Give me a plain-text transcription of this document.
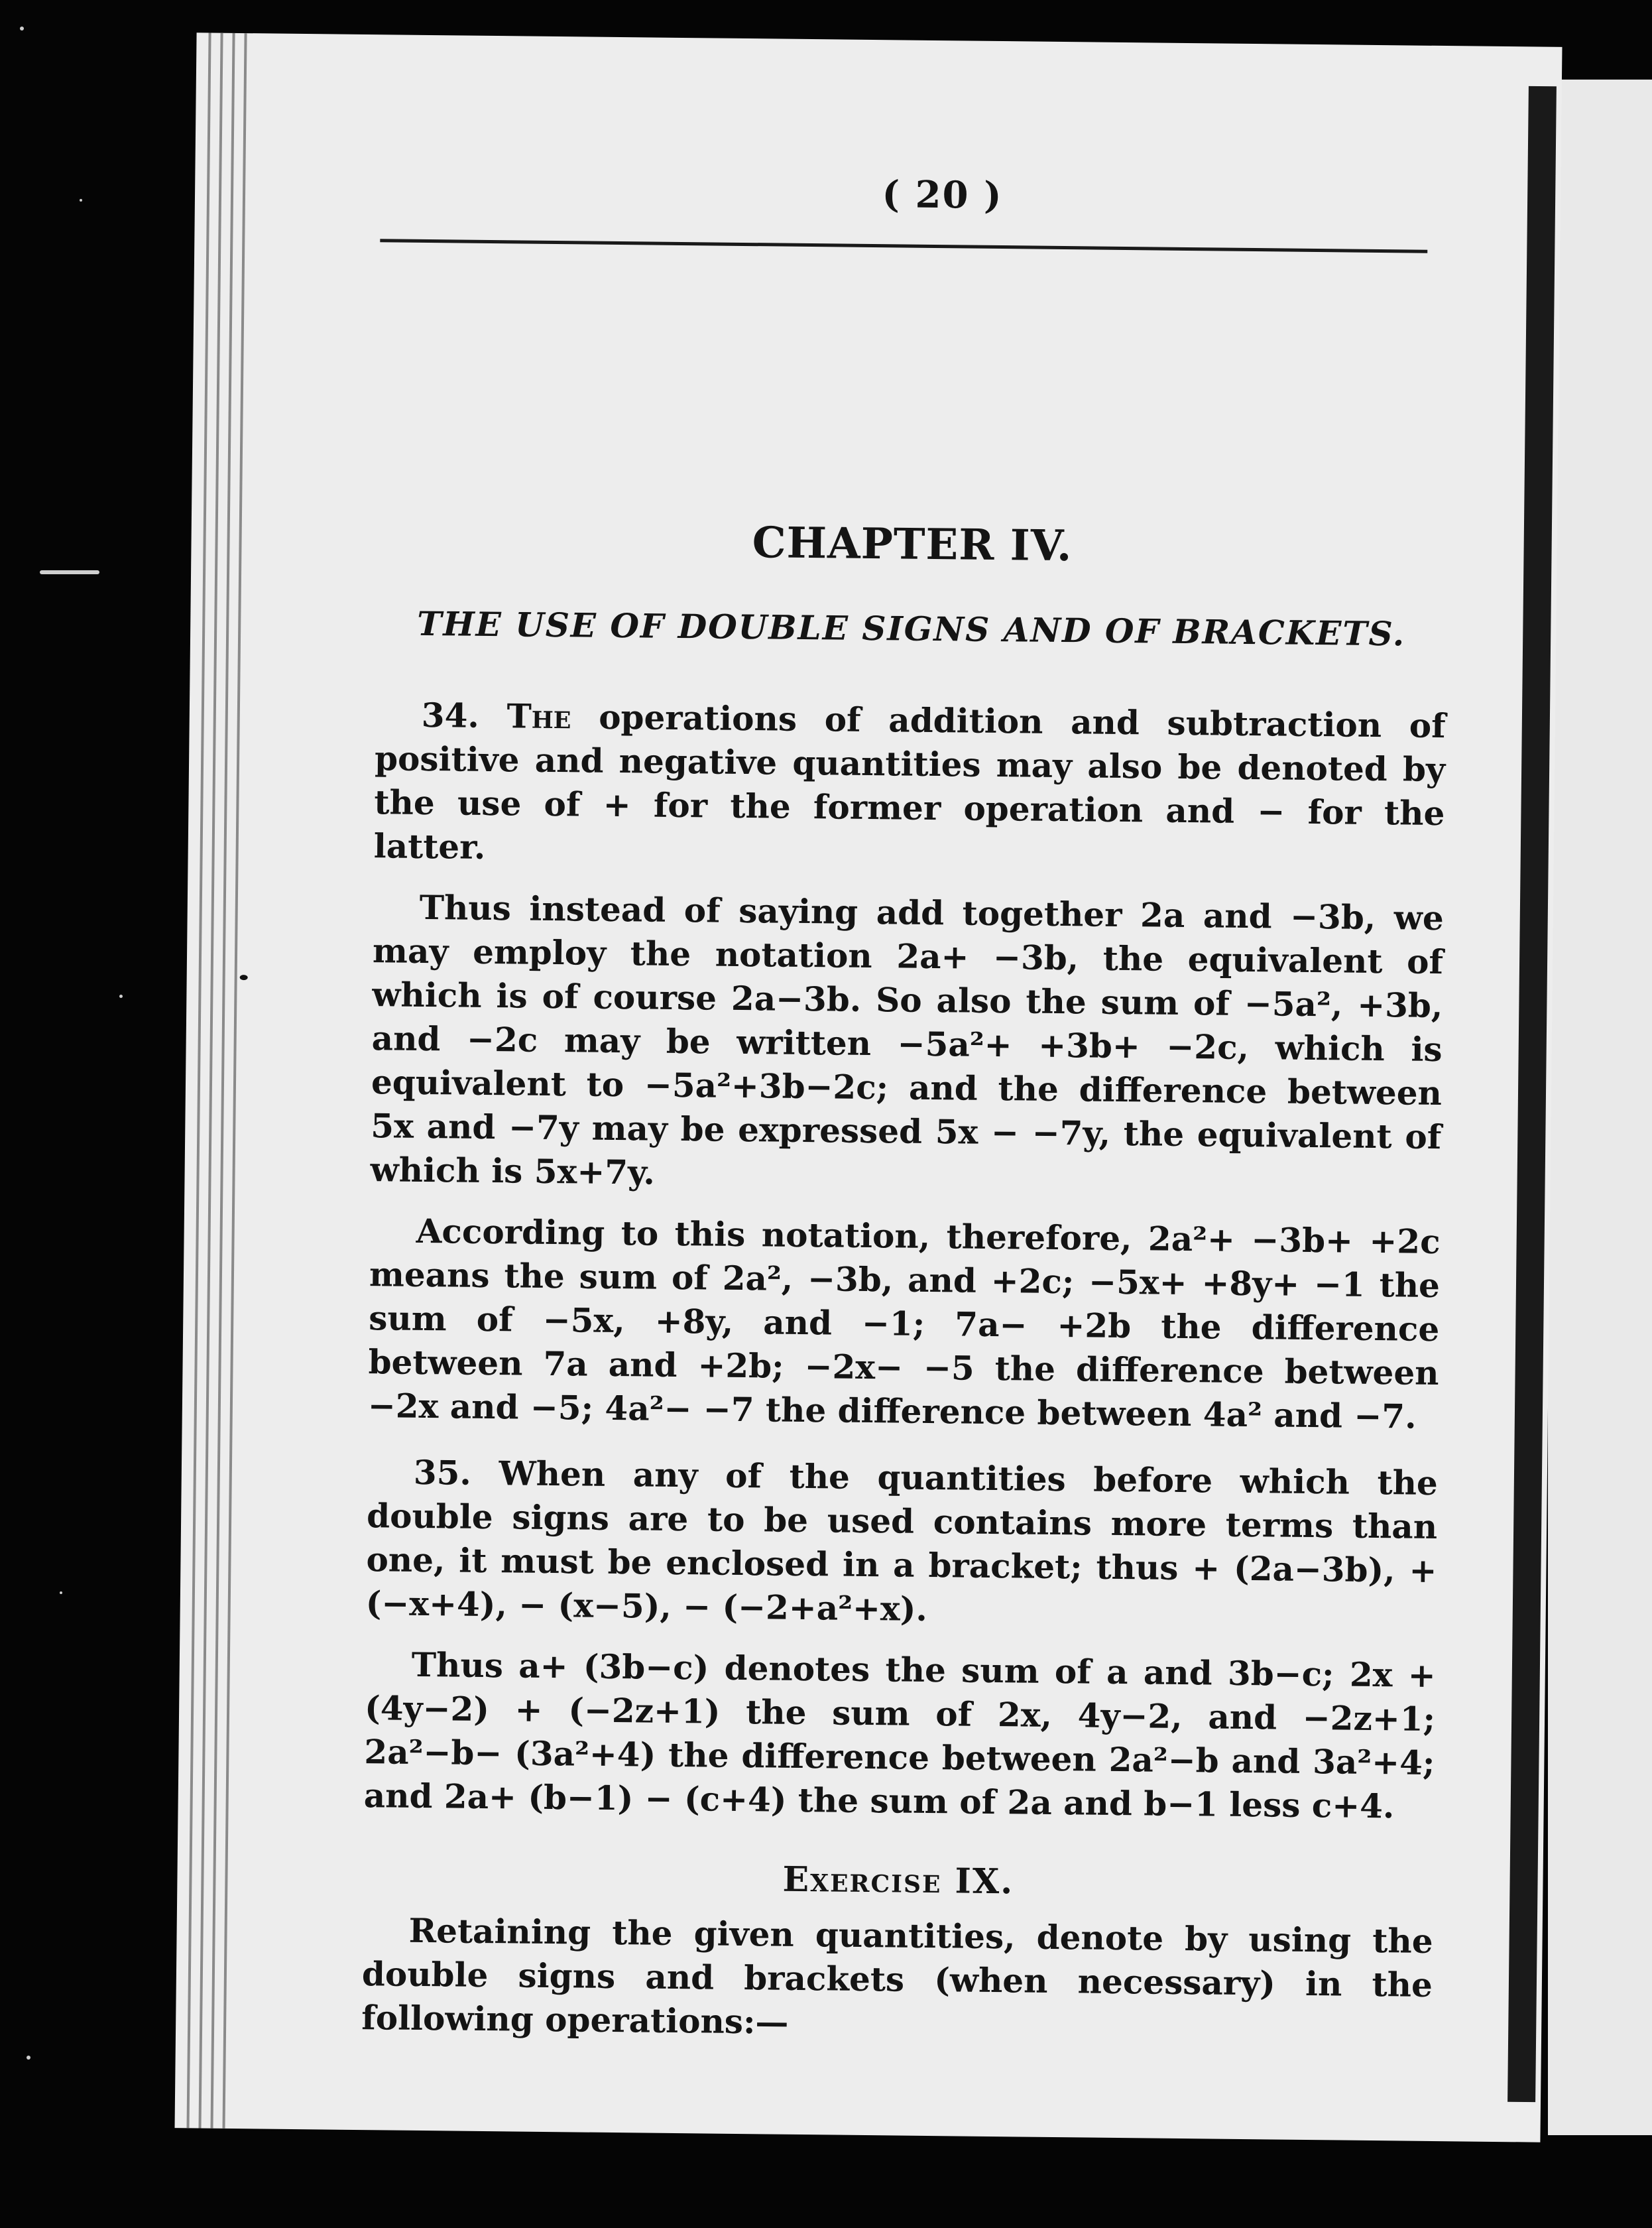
( 20 )
CHAPTER IV.
THE USE OF DOUBLE SIGNS AND OF BRACKETS.
34. The operations of addition and subtraction of positive and negative quantities may also be denoted by the use of + for the former operation and − for the latter.
Thus instead of saying add together 2a and −3b, we may employ the notation 2a+ −3b, the equivalent of which is of course 2a−3b. So also the sum of −5a², +3b, and −2c may be written −5a²+ +3b+ −2c, which is equivalent to −5a²+3b−2c; and the difference between 5x and −7y may be expressed 5x − −7y, the equivalent of which is 5x+7y.
According to this notation, therefore, 2a²+ −3b+ +2c means the sum of 2a², −3b, and +2c; −5x+ +8y+ −1 the sum of −5x, +8y, and −1; 7a− +2b the difference between 7a and +2b; −2x− −5 the difference between −2x and −5; 4a²− −7 the difference between 4a² and −7.
35. When any of the quantities before which the double signs are to be used contains more terms than one, it must be enclosed in a bracket; thus + (2a−3b), + (−x+4), − (x−5), − (−2+a²+x).
Thus a+ (3b−c) denotes the sum of a and 3b−c; 2x + (4y−2) + (−2z+1) the sum of 2x, 4y−2, and −2z+1; 2a²−b− (3a²+4) the difference between 2a²−b and 3a²+4; and 2a+ (b−1) − (c+4) the sum of 2a and b−1 less c+4.
Exercise IX.
Retaining the given quantities, denote by using the double signs and brackets (when necessary) in the following operations:—
